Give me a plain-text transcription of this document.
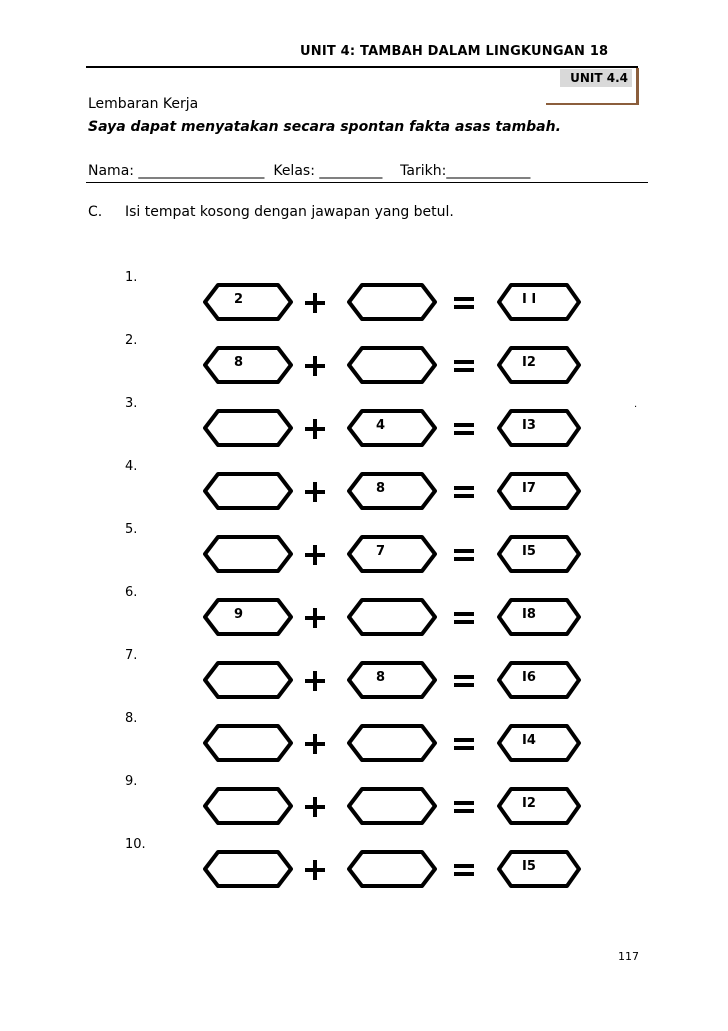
UNIT 4: TAMBAH DALAM LINGKUNGAN 18
UNIT 4.4
Lembaran Kerja
Saya dapat menyatakan secara spontan fakta asas tambah.
Nama: __________________  Kelas: _________    Tarikh:____________
C. Isi tempat kosong dengan jawapan yang betul.
·
1.
2	I I
2.
8	I2
3.
4	I3
4.
8	I7
5.
7	I5
6.
9	I8
7.
8	I6
8.
I4
9.
I2
10.
I5
117
